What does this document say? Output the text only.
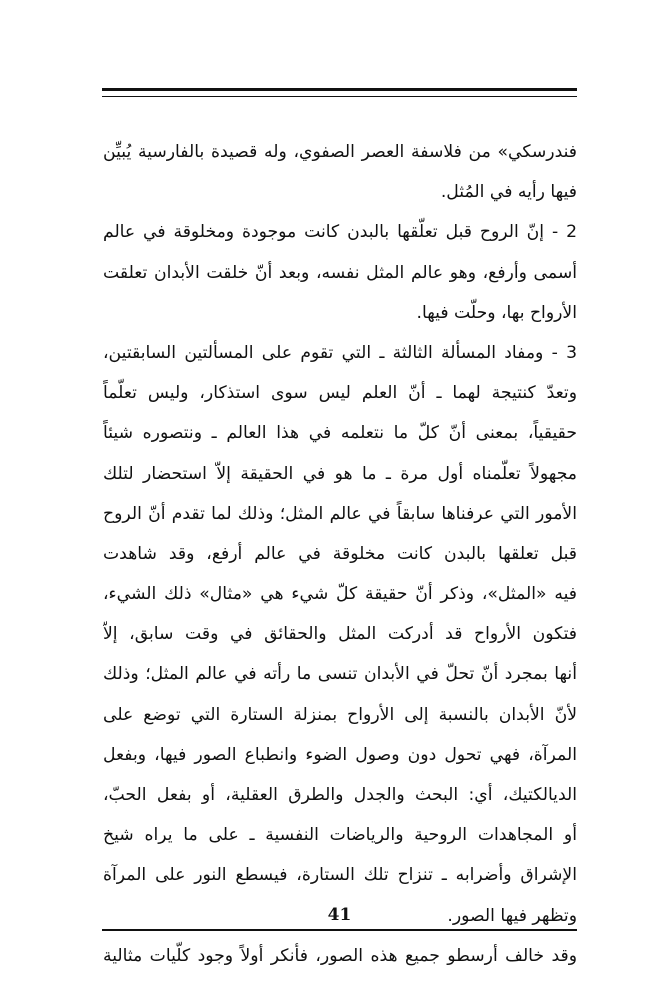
فندرسكي» من فلاسفة العصر الصفوي، وله قصيدة بالفارسية يُبيِّن
فيها رأيه في المُثل.
2 - إنّ الروح قبل تعلّقها بالبدن كانت موجودة ومخلوقة في عالم
أسمى وأرفع، وهو عالم المثل نفسه، وبعد أنّ خلقت الأبدان تعلقت
الأرواح بها، وحلّت فيها.
3 - ومفاد المسألة الثالثة ـ التي تقوم على المسألتين السابقتين،
وتعدّ كنتيجة لهما ـ أنّ العلم ليس سوى استذكار، وليس تعلّماً
حقيقياً، بمعنى أنّ كلّ ما نتعلمه في هذا العالم ـ ونتصوره شيئاً
مجهولاً تعلّمناه أول مرة ـ ما هو في الحقيقة إلاّ استحضار لتلك
الأمور التي عرفناها سابقاً في عالم المثل؛ وذلك لما تقدم أنّ الروح
قبل تعلقها بالبدن كانت مخلوقة في عالم أرفع، وقد شاهدت
فيه «المثل»، وذكر أنّ حقيقة كلّ شيء هي «مثال» ذلك الشيء،
فتكون الأرواح قد أدركت المثل والحقائق في وقت سابق، إلاّ
أنها بمجرد أنّ تحلّ في الأبدان تنسى ما رأته في عالم المثل؛ وذلك
لأنّ الأبدان بالنسبة إلى الأرواح بمنزلة الستارة التي توضع على
المرآة، فهي تحول دون وصول الضوء وانطباع الصور فيها، وبفعل
الديالكتيك، أي: البحث والجدل والطرق العقلية، أو بفعل الحبّ،
أو المجاهدات الروحية والرياضات النفسية ـ على ما يراه شيخ
الإشراق وأضرابه ـ تنزاح تلك الستارة، فيسطع النور على المرآة
وتظهر فيها الصور.
وقد خالف أرسطو جميع هذه الصور، فأنكر أولاً وجود كلّيات مثالية
41
